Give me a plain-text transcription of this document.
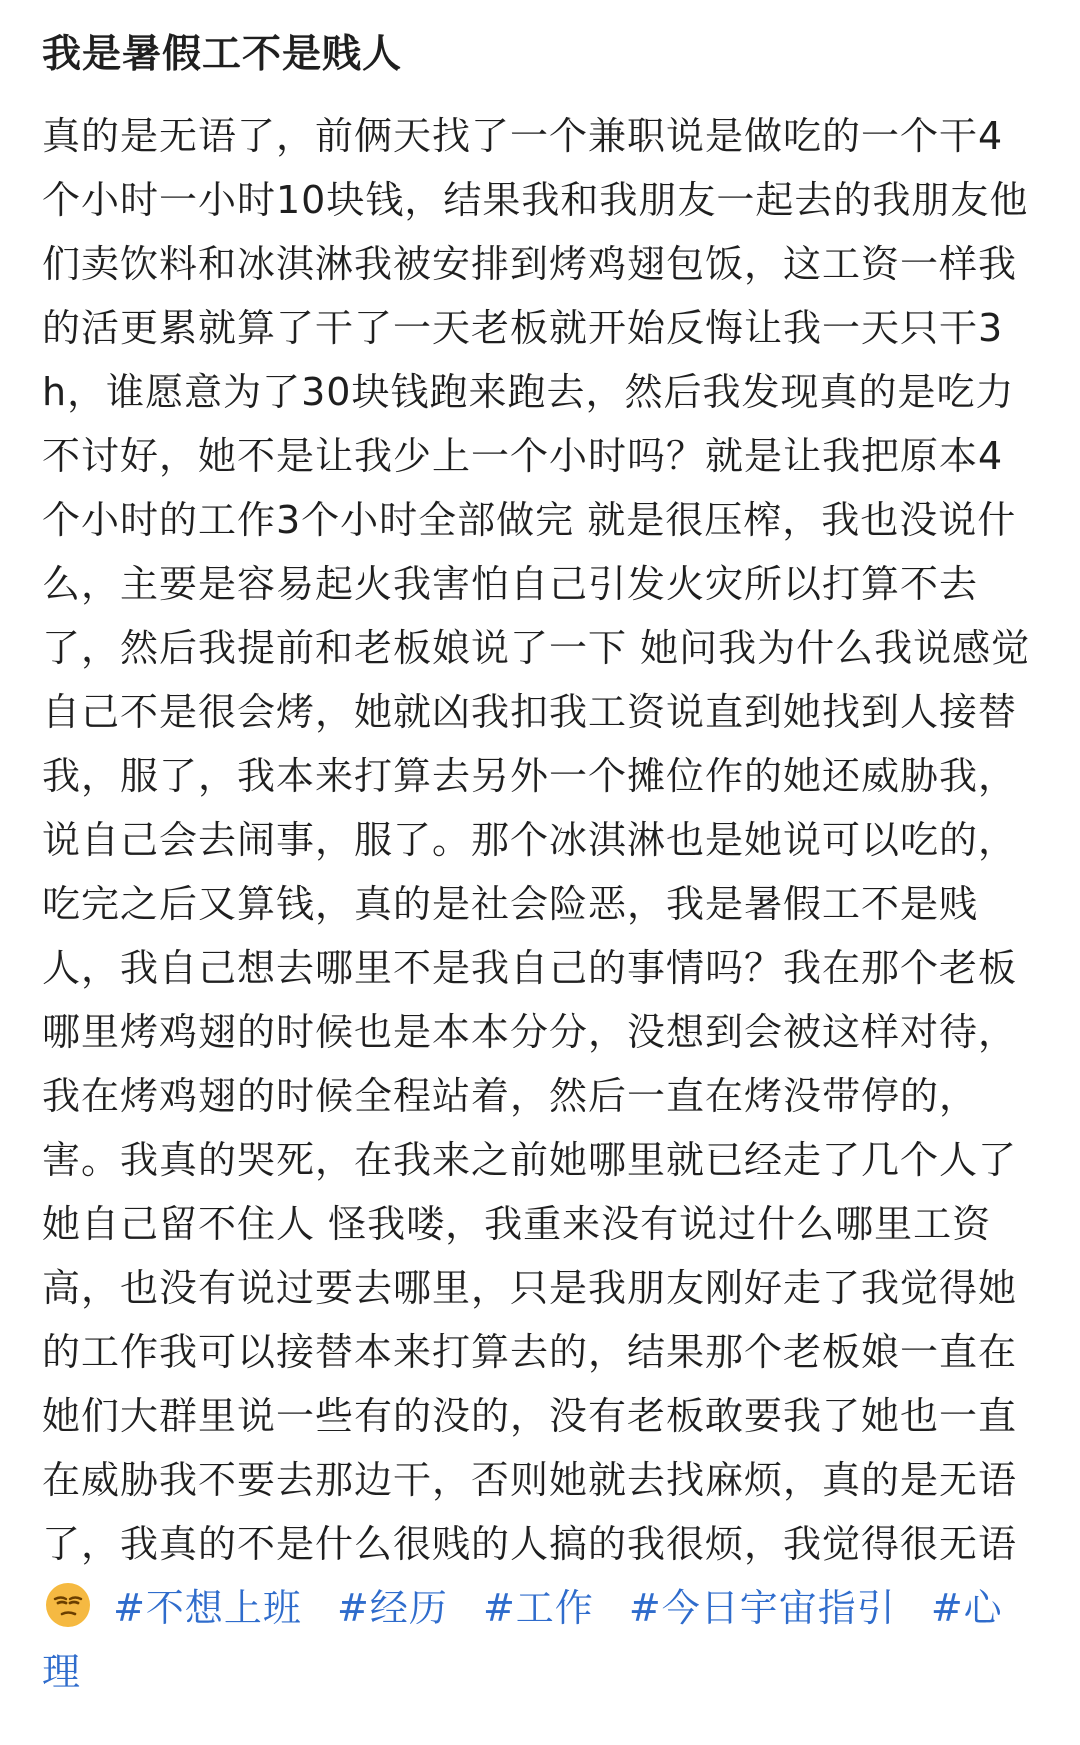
我是暑假工不是贱人
真的是无语了，前俩天找了一个兼职说是做吃的一个干4个小时一小时10块钱，结果我和我朋友一起去的我朋友他们卖饮料和冰淇淋我被安排到烤鸡翅包饭，这工资一样我的活更累就算了干了一天老板就开始反悔让我一天只干3h，谁愿意为了30块钱跑来跑去，然后我发现真的是吃力不讨好，她不是让我少上一个小时吗？就是让我把原本4个小时的工作3个小时全部做完 就是很压榨，我也没说什么，主要是容易起火我害怕自己引发火灾所以打算不去了，然后我提前和老板娘说了一下 她问我为什么我说感觉自己不是很会烤，她就凶我扣我工资说直到她找到人接替我，服了，我本来打算去另外一个摊位作的她还威胁我，说自己会去闹事，服了。那个冰淇淋也是她说可以吃的，吃完之后又算钱，真的是社会险恶，我是暑假工不是贱人，我自己想去哪里不是我自己的事情吗？我在那个老板哪里烤鸡翅的时候也是本本分分，没想到会被这样对待，我在烤鸡翅的时候全程站着，然后一直在烤没带停的，害。我真的哭死，在我来之前她哪里就已经走了几个人了她自己留不住人 怪我喽，我重来没有说过什么哪里工资高，也没有说过要去哪里，只是我朋友刚好走了我觉得她的工作我可以接替本来打算去的，结果那个老板娘一直在她们大群里说一些有的没的，没有老板敢要我了她也一直在威胁我不要去那边干，否则她就去找麻烦，真的是无语了，我真的不是什么很贱的人搞的我很烦，我觉得很无语
#不想上班 #经历 #工作 #今日宇宙指引 #心理
